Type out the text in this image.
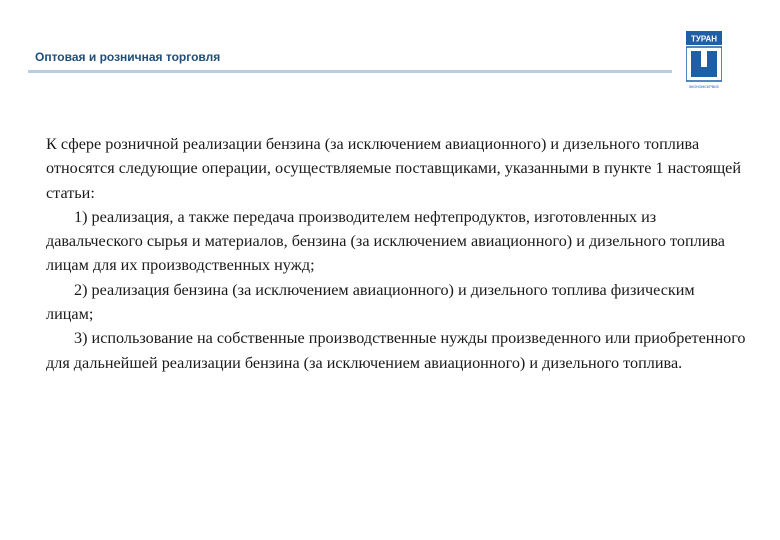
Оптовая и розничная торговля
ТУРАН
ЭКОНОМСЕРВИС

К сфере розничной реализации бензина (за исключением авиационного) и дизельного топлива относятся следующие операции, осуществляемые поставщиками, указанными в пункте 1 настоящей статьи:

1) реализация, а также передача производителем нефтепродуктов, изготовленных из давальческого сырья и материалов, бензина (за исключением авиационного) и дизельного топлива лицам для их производственных нужд;

2) реализация бензина (за исключением авиационного) и дизельного топлива физическим лицам;

3) использование на собственные производственные нужды произведенного или приобретенного для дальнейшей реализации бензина (за исключением авиационного) и дизельного топлива.
